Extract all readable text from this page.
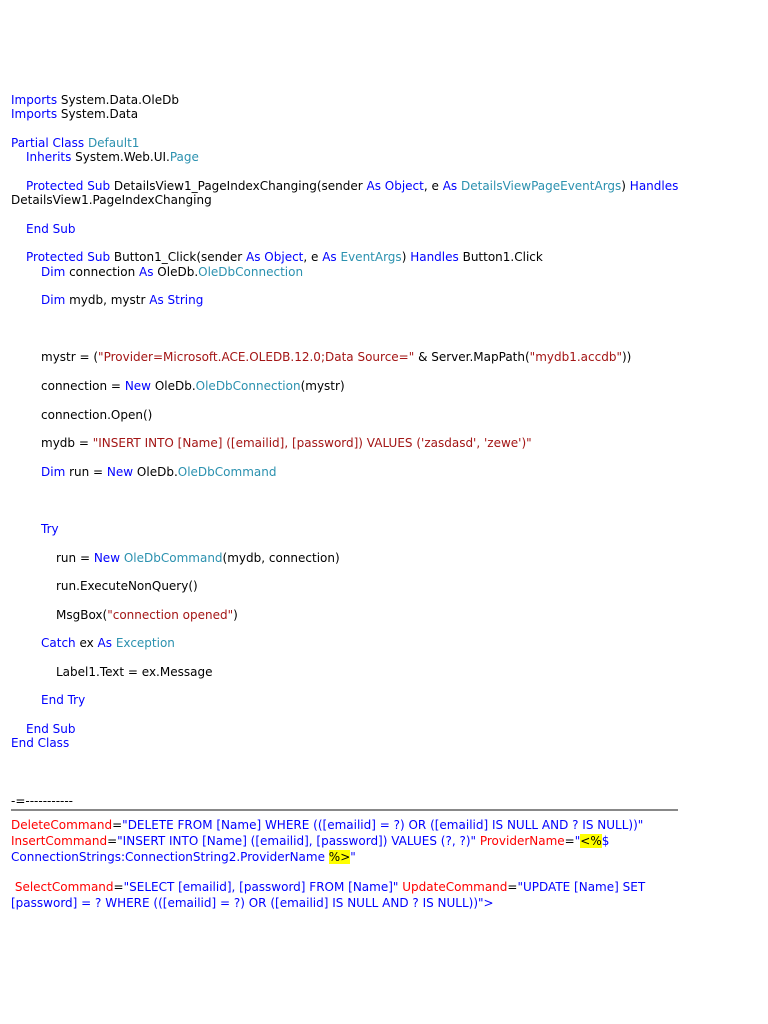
Imports System.Data.OleDb
Imports System.Data
Partial Class Default1
Inherits System.Web.UI.Page
Protected Sub DetailsView1_PageIndexChanging(sender As Object, e As DetailsViewPageEventArgs) Handles
DetailsView1.PageIndexChanging
End Sub
Protected Sub Button1_Click(sender As Object, e As EventArgs) Handles Button1.Click
Dim connection As OleDb.OleDbConnection
Dim mydb, mystr As String
mystr = ("Provider=Microsoft.ACE.OLEDB.12.0;Data Source=" & Server.MapPath("mydb1.accdb"))
connection = New OleDb.OleDbConnection(mystr)
connection.Open()
mydb = "INSERT INTO [Name] ([emailid], [password]) VALUES ('zasdasd', 'zewe')"
Dim run = New OleDb.OleDbCommand
Try
run = New OleDbCommand(mydb, connection)
run.ExecuteNonQuery()
MsgBox("connection opened")
Catch ex As Exception
Label1.Text = ex.Message
End Try
End Sub
End Class
-=-----------
DeleteCommand="DELETE FROM [Name] WHERE (([emailid] = ?) OR ([emailid] IS NULL AND ? IS NULL))" InsertCommand="INSERT INTO [Name] ([emailid], [password]) VALUES (?, ?)" ProviderName="<%$ ConnectionStrings:ConnectionString2.ProviderName %>"
SelectCommand="SELECT [emailid], [password] FROM [Name]" UpdateCommand="UPDATE [Name] SET [password] = ? WHERE (([emailid] = ?) OR ([emailid] IS NULL AND ? IS NULL))">
